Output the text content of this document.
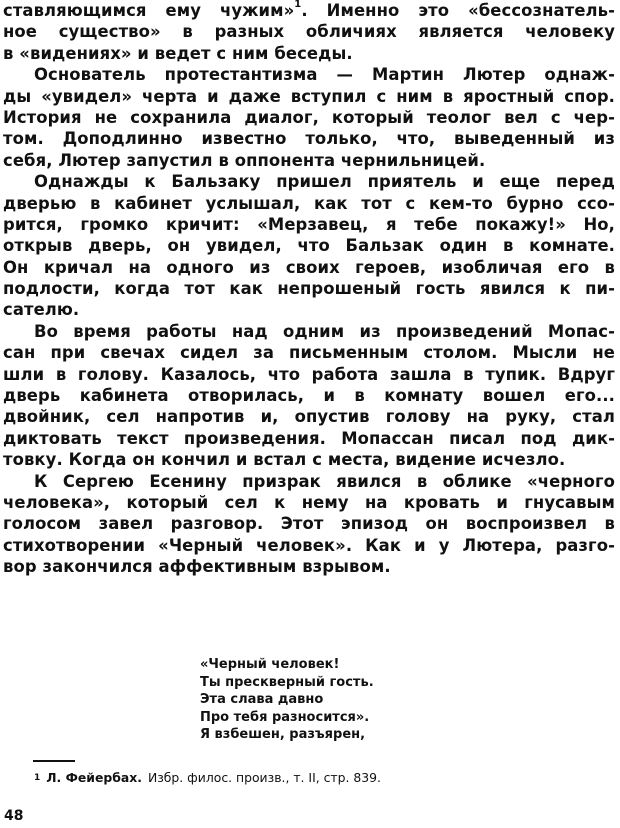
ставляющимся ему чужим»$^1$. Именно это «бессознатель-
ное существо» в разных обличиях является человеку
в «видениях» и ведет с ним беседы.
Основатель протестантизма — Мартин Лютер однаж-
ды «увидел» черта и даже вступил с ним в яростный спор.
История не сохранила диалог, который теолог вел с чер-
том. Доподлинно известно только, что, выведенный из
себя, Лютер запустил в оппонента чернильницей.
Однажды к Бальзаку пришел приятель и еще перед
дверью в кабинет услышал, как тот с кем-то бурно ссо-
рится, громко кричит: «Мерзавец, я тебе покажу!» Но,
открыв дверь, он увидел, что Бальзак один в комнате.
Он кричал на одного из своих героев, изобличая его в
подлости, когда тот как непрошеный гость явился к пи-
сателю.
Во время работы над одним из произведений Мопас-
сан при свечах сидел за письменным столом. Мысли не
шли в голову. Казалось, что работа зашла в тупик. Вдруг
дверь кабинета отворилась, и в комнату вошел его...
двойник, сел напротив и, опустив голову на руку, стал
диктовать текст произведения. Мопассан писал под дик-
товку. Когда он кончил и встал с места, видение исчезло.
К Сергею Есенину призрак явился в облике «черного
человека», который сел к нему на кровать и гнусавым
голосом завел разговор. Этот эпизод он воспроизвел в
стихотворении «Черный человек». Как и у Лютера, разго-
вор закончился аффективным взрывом.
«Черный человек!
Ты прескверный гость.
Эта слава давно
Про тебя разносится».
Я взбешен, разъярен,
$^1$ Л. Фейербах. Избр. филос. произв., т. II, стр. 839.
48
